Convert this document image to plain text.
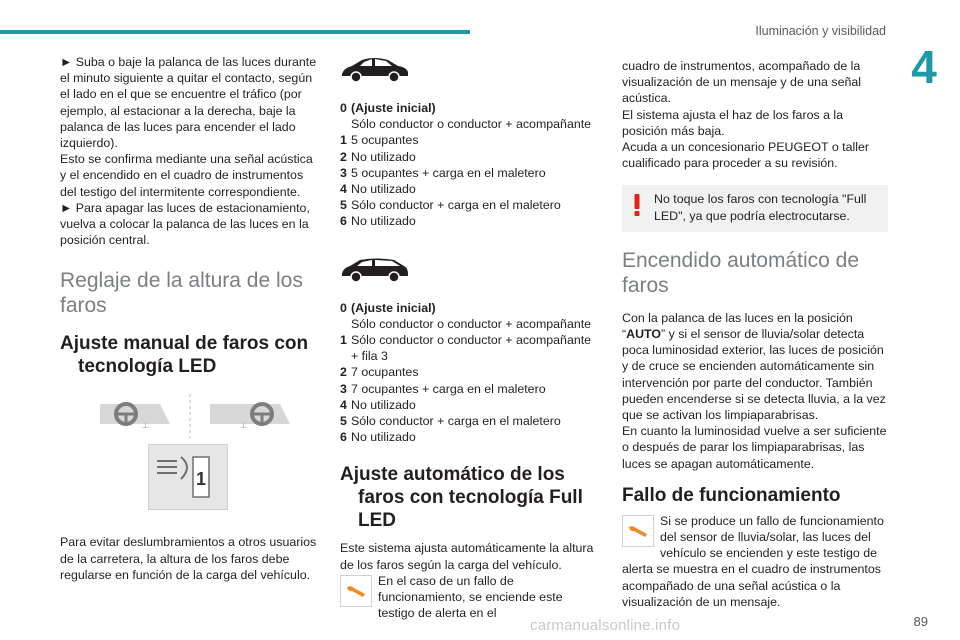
Iluminación y visibilidad
4

► Suba o baje la palanca de las luces durante el minuto siguiente a quitar el contacto, según el lado en el que se encuentre el tráfico (por ejemplo, al estacionar a la derecha, baje la palanca de las luces para encender el lado izquierdo).

Esto se confirma mediante una señal acústica y el encendido en el cuadro de instrumentos del testigo del intermitente correspondiente.

► Para apagar las luces de estacionamiento, vuelva a colocar la palanca de las luces en la posición central.

Reglaje de la altura de los faros
Ajuste manual de faros con
tecnología LED
⊥	⊥
1

Para evitar deslumbramientos a otros usuarios de la carretera, la altura de los faros debe regularse en función de la carga del vehículo.

0 (Ajuste inicial)
Sólo conductor o conductor + acompañante
1 5 ocupantes
2 No utilizado
3 5 ocupantes + carga en el maletero
4 No utilizado
5 Sólo conductor + carga en el maletero
6 No utilizado
0 (Ajuste inicial)
Sólo conductor o conductor + acompañante
1 Sólo conductor o conductor + acompañante
+ fila 3
2 7 ocupantes
3 7 ocupantes + carga en el maletero
4 No utilizado
5 Sólo conductor + carga en el maletero
6 No utilizado
Ajuste automático de los
faros con tecnología Full
LED

Este sistema ajusta automáticamente la altura de los faros según la carga del vehículo.

En el caso de un fallo de funcionamiento, se enciende este testigo de alerta en el

cuadro de instrumentos, acompañado de la visualización de un mensaje y de una señal acústica.

El sistema ajusta el haz de los faros a la posición más baja.

Acuda a un concesionario PEUGEOT o taller cualificado para proceder a su revisión.

No toque los faros con tecnología "Full LED", ya que podría electrocutarse.

Encendido automático de faros

Con la palanca de las luces en la posición “AUTO” y si el sensor de lluvia/solar detecta poca luminosidad exterior, las luces de posición y de cruce se encienden automáticamente sin intervención por parte del conductor. También pueden encenderse si se detecta lluvia, a la vez que se activan los limpiaparabrisas.

En cuanto la luminosidad vuelve a ser suficiente o después de parar los limpiaparabrisas, las luces se apagan automáticamente.

Fallo de funcionamiento

Si se produce un fallo de funcionamiento del sensor de lluvia/solar, las luces del vehículo se encienden y este testigo de alerta se muestra en el cuadro de instrumentos acompañado de una señal acústica o la visualización de un mensaje.

carmanualsonline.info	89
